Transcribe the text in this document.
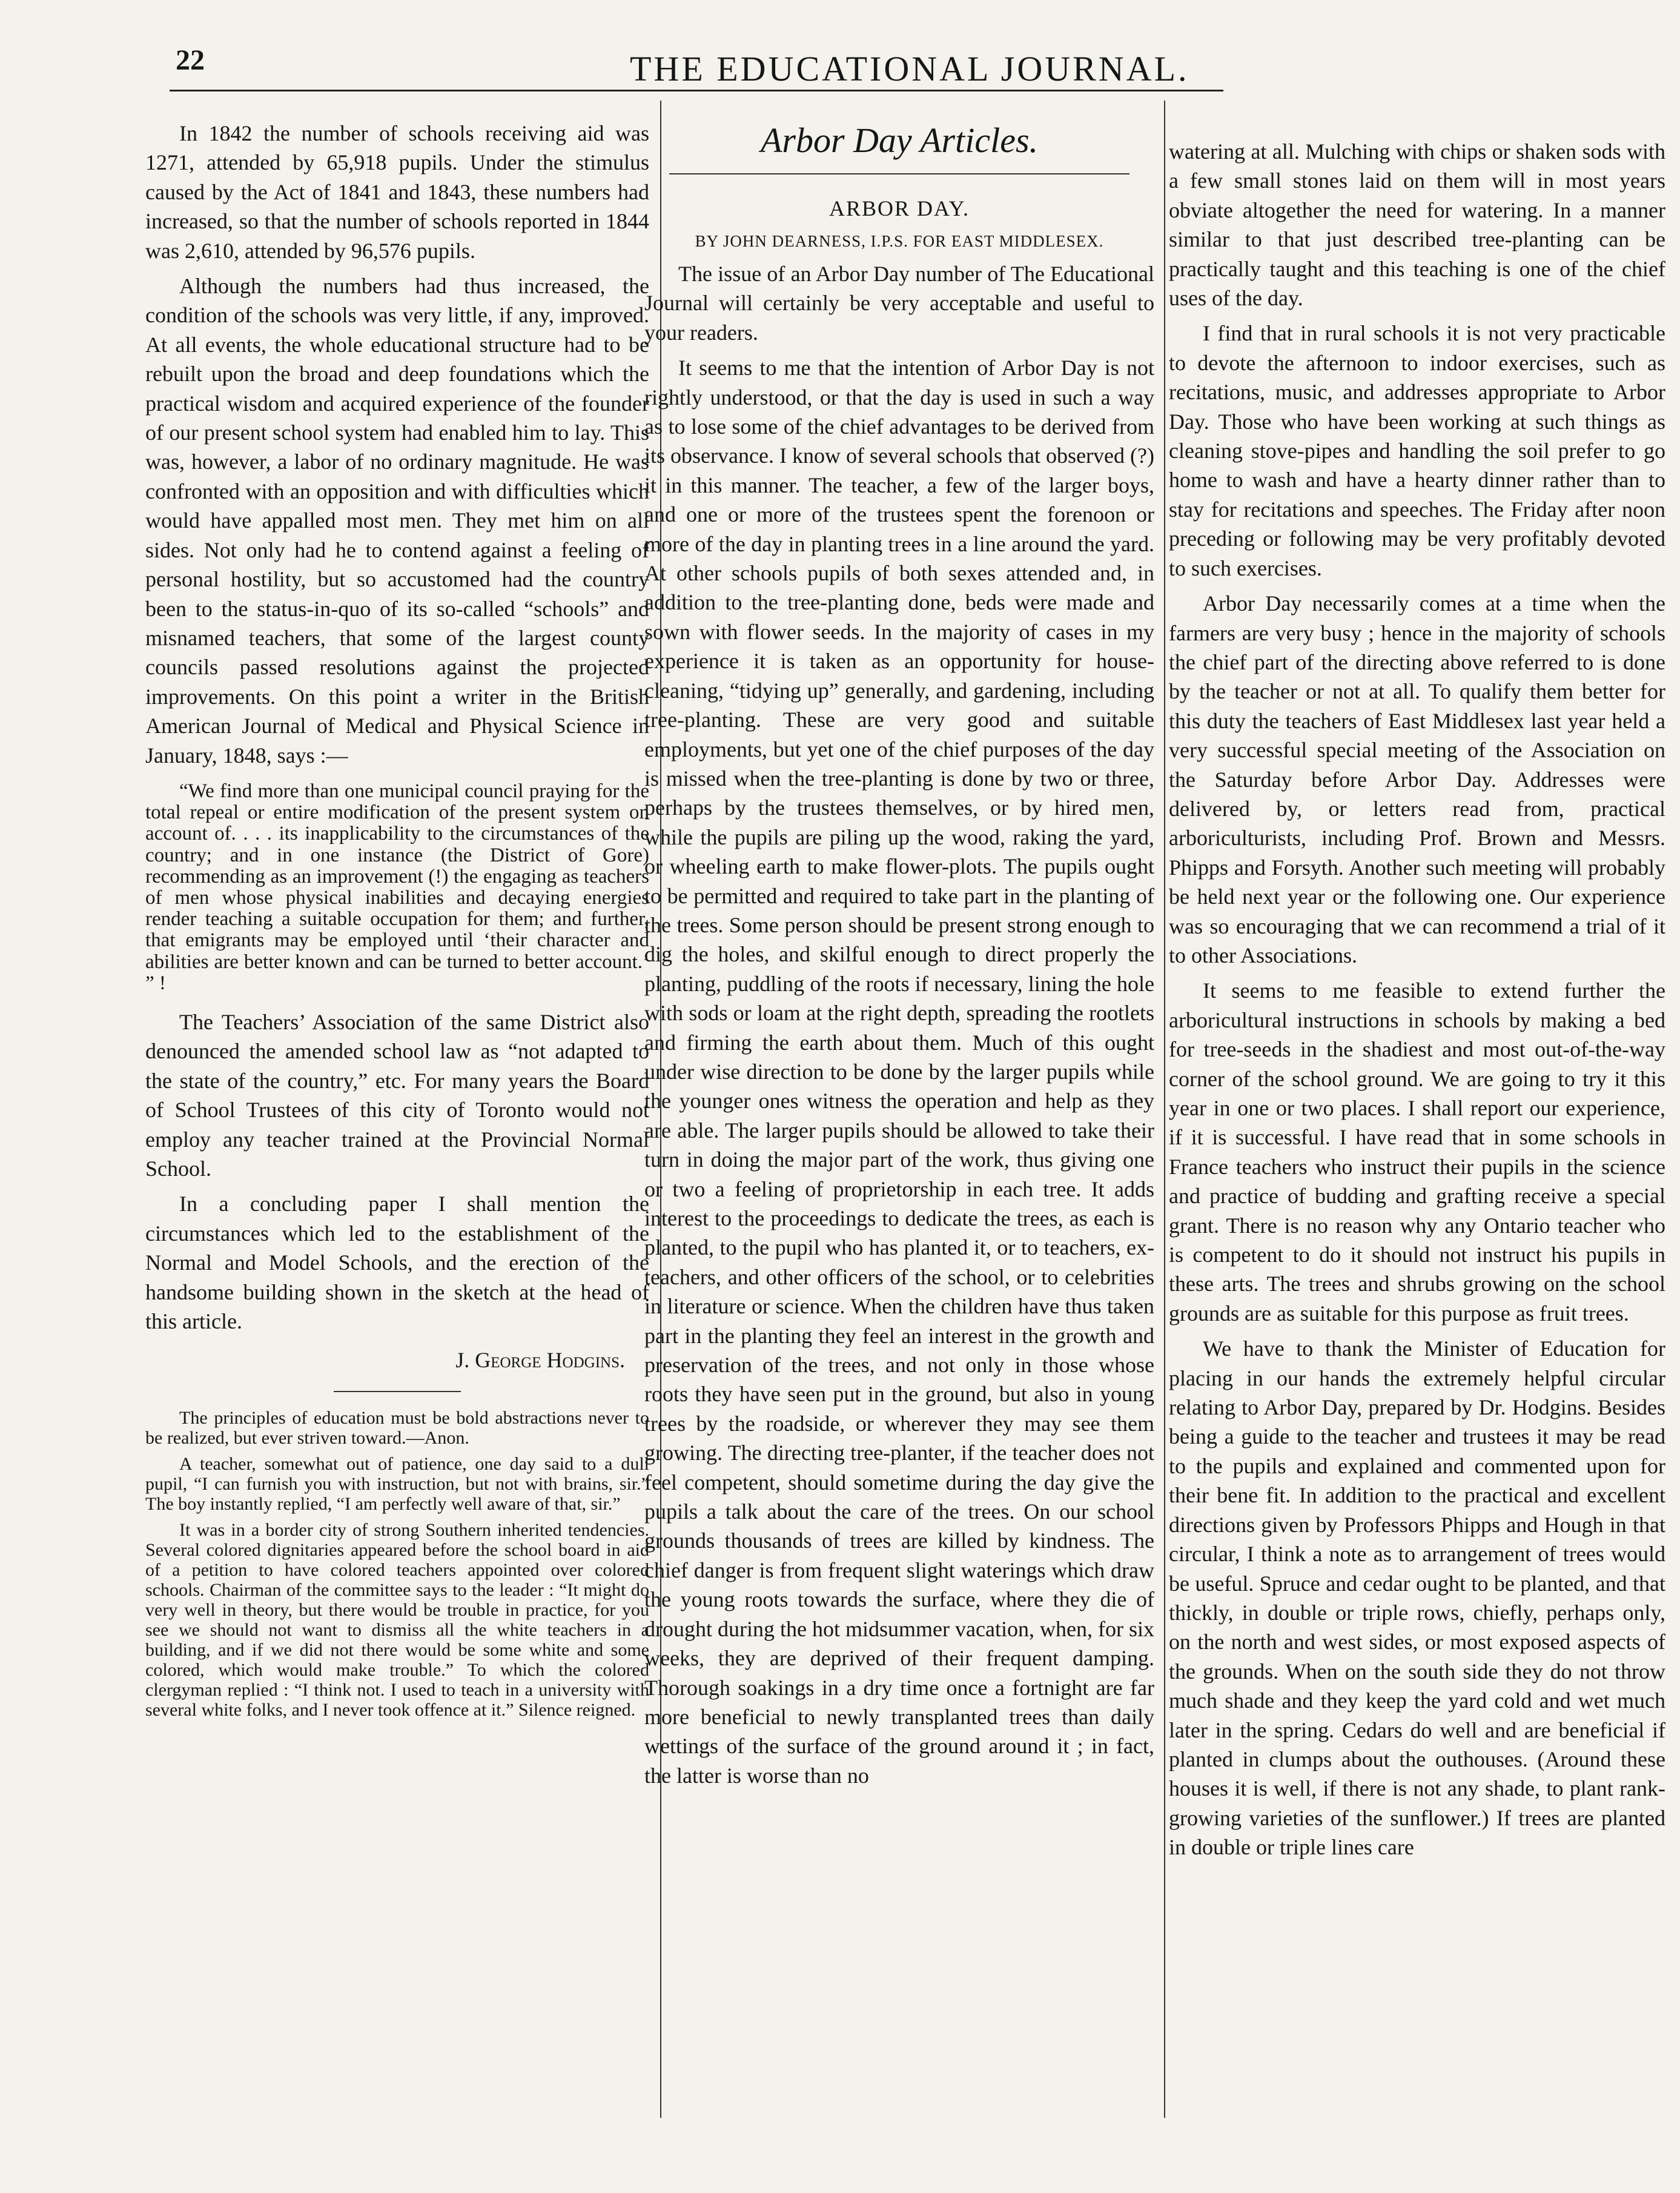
22	THE EDUCATIONAL JOURNAL.

In 1842 the number of schools receiving aid was 1271, attended by 65,918 pupils. Under the stimulus caused by the Act of 1841 and 1843, these numbers had increased, so that the number of schools reported in 1844 was 2,610, attended by 96,576 pupils.

Although the numbers had thus increased, the condition of the schools was very little, if any, improved. At all events, the whole educational structure had to be rebuilt upon the broad and deep foundations which the practical wisdom and acquired experience of the founder of our present school system had enabled him to lay. This was, however, a labor of no ordinary magnitude. He was confronted with an opposition and with difficulties which would have appalled most men. They met him on all sides. Not only had he to contend against a feeling of personal hostility, but so accustomed had the country been to the status-in-quo of its so-called “schools” and misnamed teachers, that some of the largest county councils passed resolutions against the projected improvements. On this point a writer in the British American Journal of Medical and Physical Science in January, 1848, says :—

“We find more than one municipal council praying for the total repeal or entire modification of the present system on account of. . . . its inapplicability to the circumstances of the country; and in one instance (the District of Gore) recommending as an improvement (!) the engaging as teachers of men whose physical inabilities and decaying energies render teaching a suitable occupation for them; and further, that emigrants may be employed until ‘their character and abilities are better known and can be turned to better account.’ ” !

The Teachers’ Association of the same District also denounced the amended school law as “not adapted to the state of the country,” etc. For many years the Board of School Trustees of this city of Toronto would not employ any teacher trained at the Provincial Normal School.

In a concluding paper I shall mention the circumstances which led to the establishment of the Normal and Model Schools, and the erection of the handsome building shown in the sketch at the head of this article.

J. George Hodgins.

The principles of education must be bold abstractions never to be realized, but ever striven toward.—Anon.

A teacher, somewhat out of patience, one day said to a dull pupil, “I can furnish you with instruction, but not with brains, sir.” The boy instantly replied, “I am perfectly well aware of that, sir.”

It was in a border city of strong Southern inherited tendencies. Several colored dignitaries appeared before the school board in aid of a petition to have colored teachers appointed over colored schools. Chairman of the committee says to the leader : “It might do very well in theory, but there would be trouble in practice, for you see we should not want to dismiss all the white teachers in a building, and if we did not there would be some white and some colored, which would make trouble.” To which the colored clergyman replied : “I think not. I used to teach in a university with several white folks, and I never took offence at it.” Silence reigned.

Arbor Day Articles.
ARBOR DAY.
BY JOHN DEARNESS, I.P.S. FOR EAST MIDDLESEX.

The issue of an Arbor Day number of The Educational Journal will certainly be very acceptable and useful to your readers.

It seems to me that the intention of Arbor Day is not rightly understood, or that the day is used in such a way as to lose some of the chief advantages to be derived from its observance. I know of several schools that observed (?) it in this manner. The teacher, a few of the larger boys, and one or more of the trustees spent the forenoon or more of the day in planting trees in a line around the yard. At other schools pupils of both sexes attended and, in addition to the tree-planting done, beds were made and sown with flower seeds. In the majority of cases in my experience it is taken as an opportunity for house-cleaning, “tidying up” generally, and gardening, including tree-planting. These are very good and suitable employments, but yet one of the chief purposes of the day is missed when the tree-planting is done by two or three, perhaps by the trustees themselves, or by hired men, while the pupils are piling up the wood, raking the yard, or wheeling earth to make flower-plots. The pupils ought to be permitted and required to take part in the planting of the trees. Some person should be present strong enough to dig the holes, and skilful enough to direct properly the planting, puddling of the roots if necessary, lining the hole with sods or loam at the right depth, spreading the rootlets and firming the earth about them. Much of this ought under wise direction to be done by the larger pupils while the younger ones witness the operation and help as they are able. The larger pupils should be allowed to take their turn in doing the major part of the work, thus giving one or two a feeling of proprietorship in each tree. It adds interest to the proceedings to dedicate the trees, as each is planted, to the pupil who has planted it, or to teachers, ex-teachers, and other officers of the school, or to celebrities in literature or science. When the children have thus taken part in the planting they feel an interest in the growth and preservation of the trees, and not only in those whose roots they have seen put in the ground, but also in young trees by the roadside, or wherever they may see them growing. The directing tree-planter, if the teacher does not feel competent, should sometime during the day give the pupils a talk about the care of the trees. On our school grounds thousands of trees are killed by kindness. The chief danger is from frequent slight waterings which draw the young roots towards the surface, where they die of drought during the hot midsummer vacation, when, for six weeks, they are deprived of their frequent damping. Thorough soakings in a dry time once a fortnight are far more beneficial to newly transplanted trees than daily wettings of the surface of the ground around it ; in fact, the latter is worse than no

watering at all. Mulching with chips or shaken sods with a few small stones laid on them will in most years obviate altogether the need for watering. In a manner similar to that just described tree-planting can be practically taught and this teaching is one of the chief uses of the day.

I find that in rural schools it is not very practicable to devote the afternoon to indoor exercises, such as recitations, music, and addresses appropriate to Arbor Day. Those who have been working at such things as cleaning stove-pipes and handling the soil prefer to go home to wash and have a hearty dinner rather than to stay for recitations and speeches. The Friday after noon preceding or following may be very profitably devoted to such exercises.

Arbor Day necessarily comes at a time when the farmers are very busy ; hence in the majority of schools the chief part of the directing above referred to is done by the teacher or not at all. To qualify them better for this duty the teachers of East Middlesex last year held a very successful special meeting of the Association on the Saturday before Arbor Day. Addresses were delivered by, or letters read from, practical arboriculturists, including Prof. Brown and Messrs. Phipps and Forsyth. Another such meeting will probably be held next year or the following one. Our experience was so encouraging that we can recommend a trial of it to other Associations.

It seems to me feasible to extend further the arboricultural instructions in schools by making a bed for tree-seeds in the shadiest and most out-of-the-way corner of the school ground. We are going to try it this year in one or two places. I shall report our experience, if it is successful. I have read that in some schools in France teachers who instruct their pupils in the science and practice of budding and grafting receive a special grant. There is no reason why any Ontario teacher who is competent to do it should not instruct his pupils in these arts. The trees and shrubs growing on the school grounds are as suitable for this purpose as fruit trees.

We have to thank the Minister of Education for placing in our hands the extremely helpful circular relating to Arbor Day, prepared by Dr. Hodgins. Besides being a guide to the teacher and trustees it may be read to the pupils and explained and commented upon for their bene fit. In addition to the practical and excellent directions given by Professors Phipps and Hough in that circular, I think a note as to arrangement of trees would be useful. Spruce and cedar ought to be planted, and that thickly, in double or triple rows, chiefly, perhaps only, on the north and west sides, or most exposed aspects of the grounds. When on the south side they do not throw much shade and they keep the yard cold and wet much later in the spring. Cedars do well and are beneficial if planted in clumps about the outhouses. (Around these houses it is well, if there is not any shade, to plant rank-growing varieties of the sunflower.) If trees are planted in double or triple lines care
